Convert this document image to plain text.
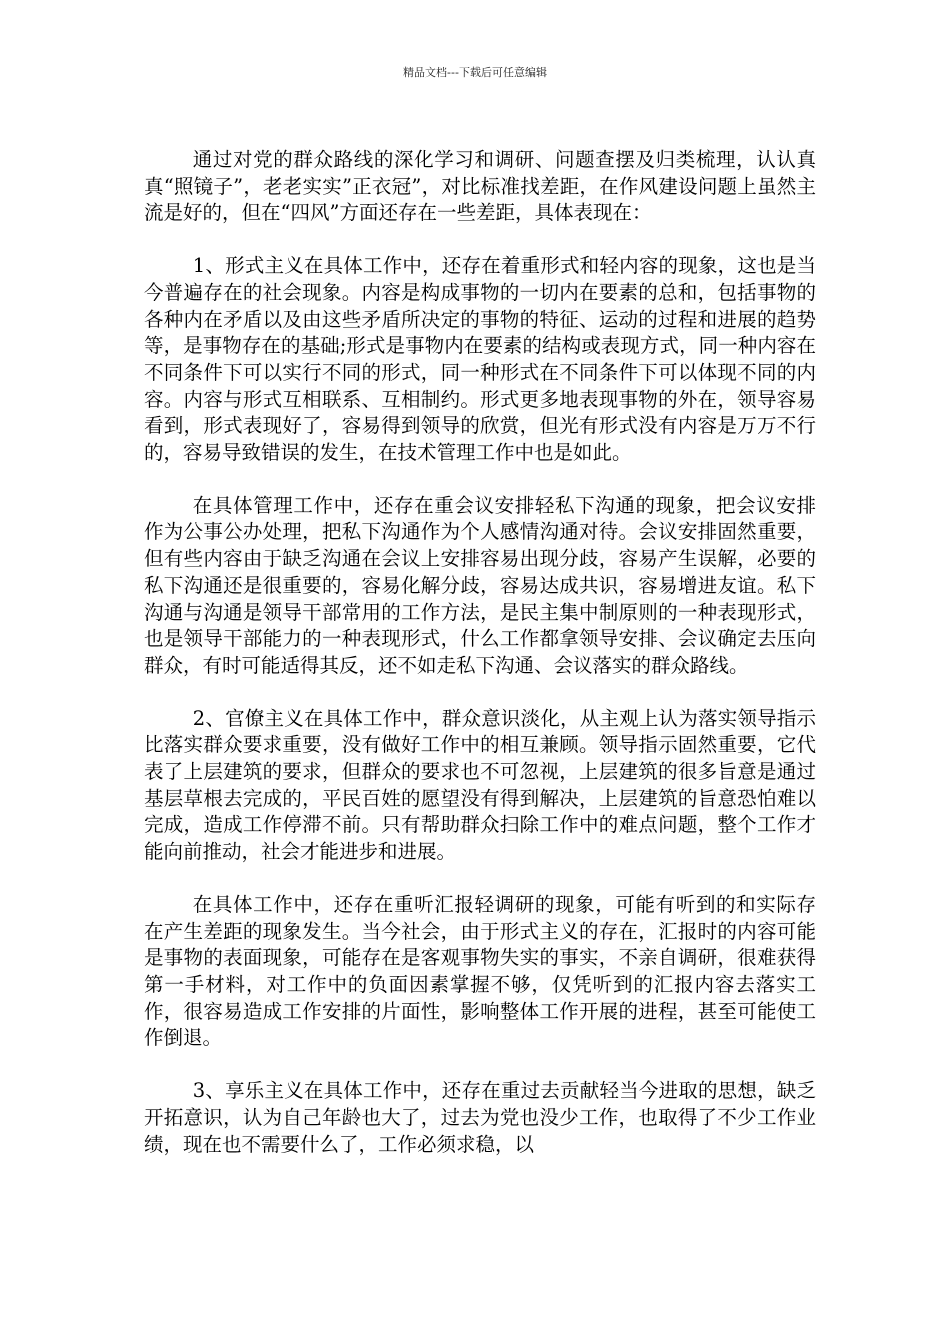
精品文档---下载后可任意编辑

通过对党的群众路线的深化学习和调研、问题查摆及归类梳理，认认真真“照镜子”，老老实实”正衣冠”，对比标准找差距，在作风建设问题上虽然主流是好的，但在“四风”方面还存在一些差距，具体表现在：

1、形式主义在具体工作中，还存在着重形式和轻内容的现象，这也是当今普遍存在的社会现象。内容是构成事物的一切内在要素的总和，包括事物的各种内在矛盾以及由这些矛盾所决定的事物的特征、运动的过程和进展的趋势等，是事物存在的基础;形式是事物内在要素的结构或表现方式，同一种内容在不同条件下可以实行不同的形式，同一种形式在不同条件下可以体现不同的内容。内容与形式互相联系、互相制约。形式更多地表现事物的外在，领导容易看到，形式表现好了，容易得到领导的欣赏，但光有形式没有内容是万万不行的，容易导致错误的发生，在技术管理工作中也是如此。

在具体管理工作中，还存在重会议安排轻私下沟通的现象，把会议安排作为公事公办处理，把私下沟通作为个人感情沟通对待。会议安排固然重要，但有些内容由于缺乏沟通在会议上安排容易出现分歧，容易产生误解，必要的私下沟通还是很重要的，容易化解分歧，容易达成共识，容易增进友谊。私下沟通与沟通是领导干部常用的工作方法，是民主集中制原则的一种表现形式，也是领导干部能力的一种表现形式，什么工作都拿领导安排、会议确定去压向群众，有时可能适得其反，还不如走私下沟通、会议落实的群众路线。

2、官僚主义在具体工作中，群众意识淡化，从主观上认为落实领导指示比落实群众要求重要，没有做好工作中的相互兼顾。领导指示固然重要，它代表了上层建筑的要求，但群众的要求也不可忽视，上层建筑的很多旨意是通过基层草根去完成的，平民百姓的愿望没有得到解决，上层建筑的旨意恐怕难以完成，造成工作停滞不前。只有帮助群众扫除工作中的难点问题，整个工作才能向前推动，社会才能进步和进展。

在具体工作中，还存在重听汇报轻调研的现象，可能有听到的和实际存在产生差距的现象发生。当今社会，由于形式主义的存在，汇报时的内容可能是事物的表面现象，可能存在是客观事物失实的事实，不亲自调研，很难获得第一手材料，对工作中的负面因素掌握不够，仅凭听到的汇报内容去落实工作，很容易造成工作安排的片面性，影响整体工作开展的进程，甚至可能使工作倒退。

3、享乐主义在具体工作中，还存在重过去贡献轻当今进取的思想，缺乏开拓意识，认为自己年龄也大了，过去为党也没少工作，也取得了不少工作业绩，现在也不需要什么了，工作必须求稳，以
